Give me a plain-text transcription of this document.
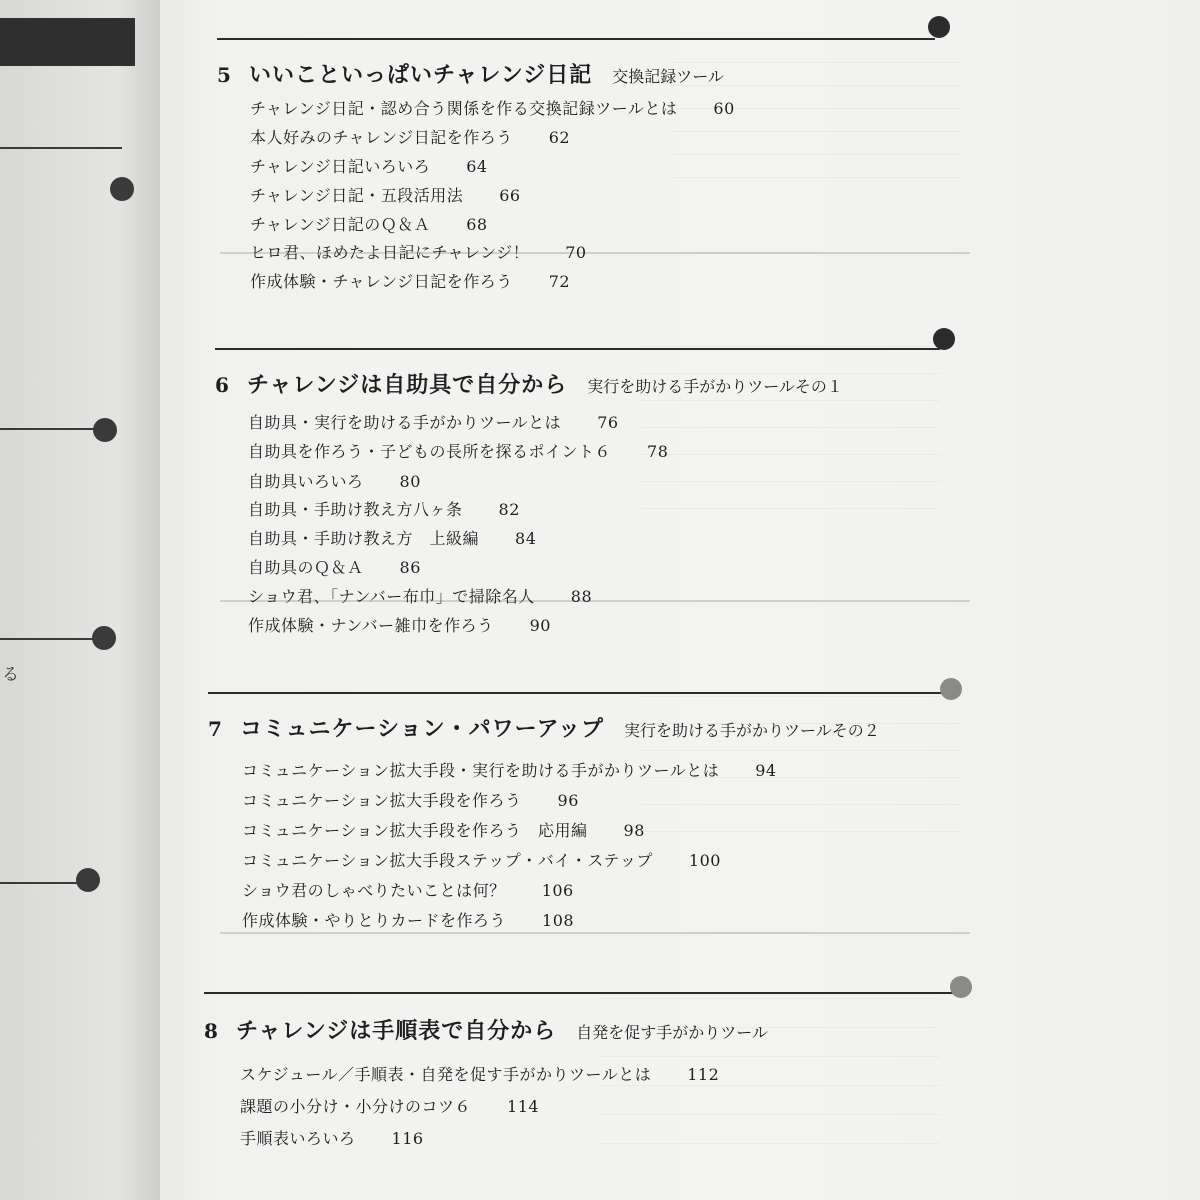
る
5 いいこといっぱいチャレンジ日記 交換記録ツール
チャレンジ日記・認め合う関係を作る交換記録ツールとは 60
本人好みのチャレンジ日記を作ろう 62
チャレンジ日記いろいろ 64
チャレンジ日記・五段活用法 66
チャレンジ日記のＱ＆Ａ 68
ヒロ君、ほめたよ日記にチャレンジ！ 70
作成体験・チャレンジ日記を作ろう 72
6 チャレンジは自助具で自分から 実行を助ける手がかりツールその１
自助具・実行を助ける手がかりツールとは 76
自助具を作ろう・子どもの長所を探るポイント６ 78
自助具いろいろ 80
自助具・手助け教え方八ヶ条 82
自助具・手助け教え方　上級編 84
自助具のＱ＆Ａ 86
ショウ君、「ナンバー布巾」で掃除名人 88
作成体験・ナンバー雑巾を作ろう 90
7 コミュニケーション・パワーアップ 実行を助ける手がかりツールその２
コミュニケーション拡大手段・実行を助ける手がかりツールとは 94
コミュニケーション拡大手段を作ろう 96
コミュニケーション拡大手段を作ろう　応用編 98
コミュニケーション拡大手段ステップ・バイ・ステップ 100
ショウ君のしゃべりたいことは何？ 106
作成体験・やりとりカードを作ろう 108
8 チャレンジは手順表で自分から 自発を促す手がかりツール
スケジュール／手順表・自発を促す手がかりツールとは 112
課題の小分け・小分けのコツ６ 114
手順表いろいろ 116
